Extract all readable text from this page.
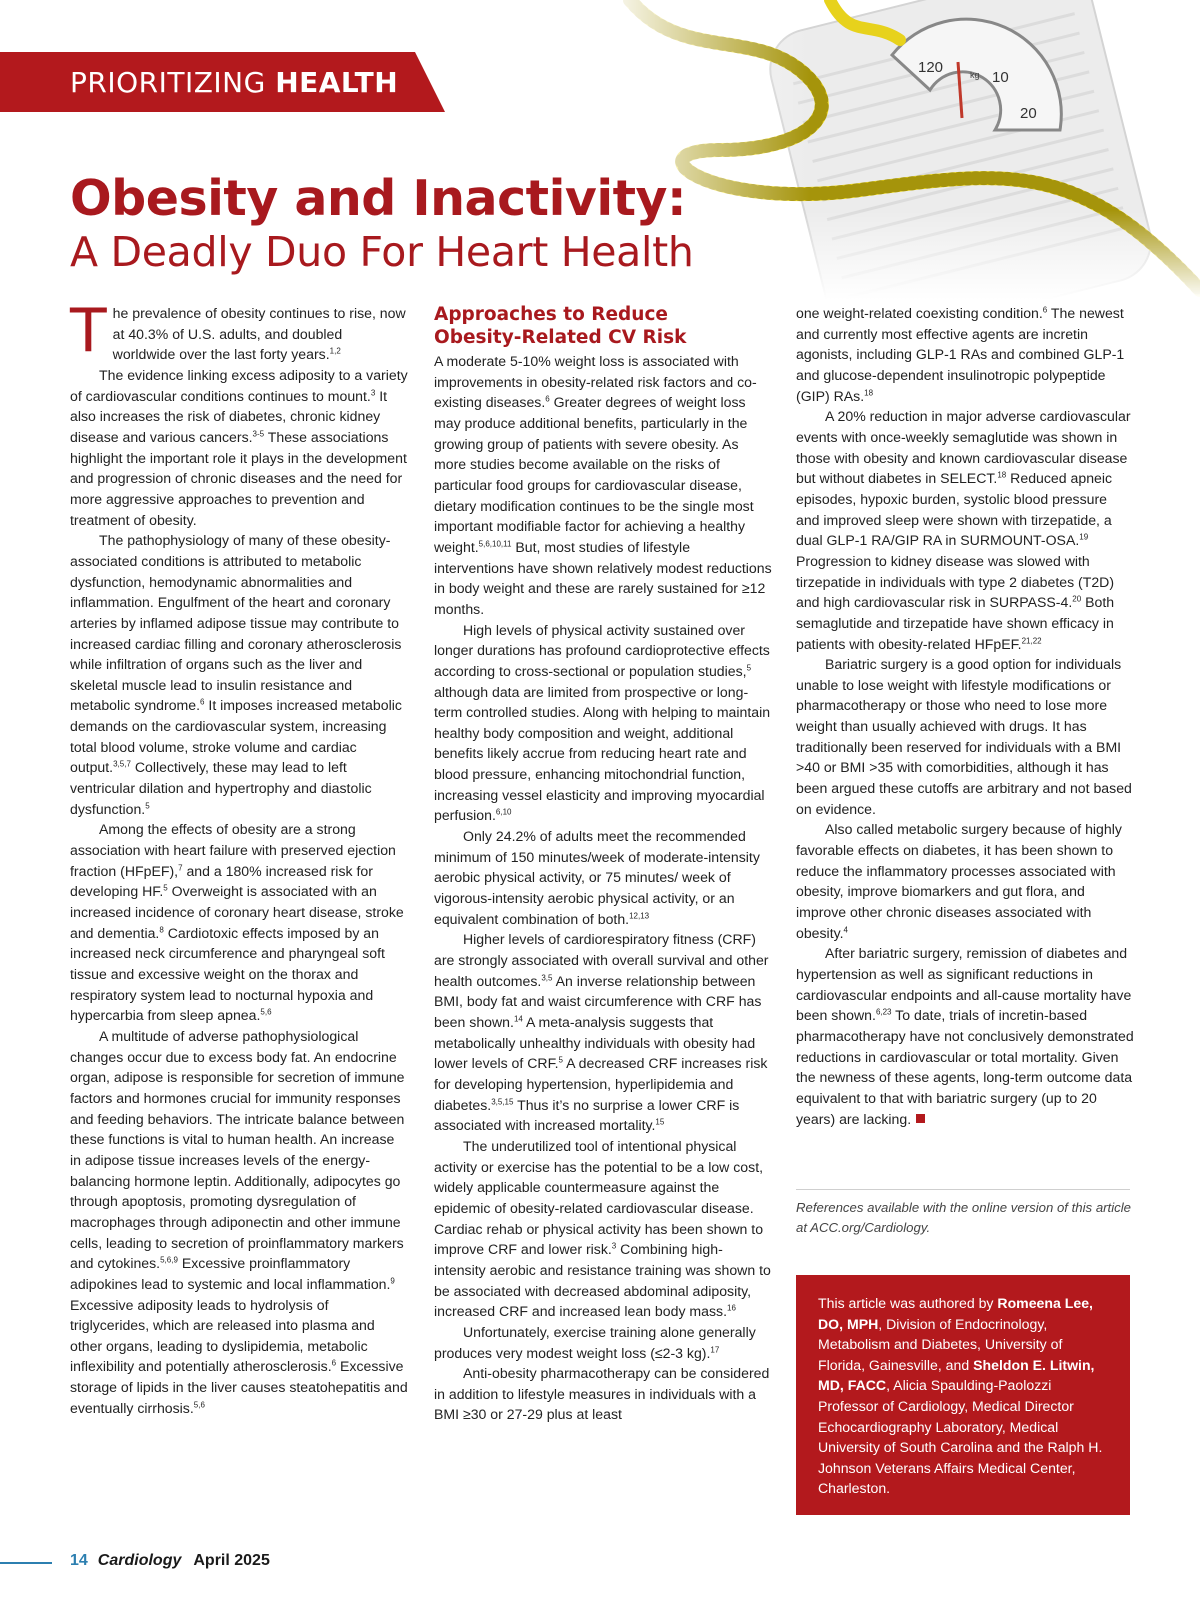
PRIORITIZING HEALTH
Obesity and Inactivity:
A Deadly Duo For Heart Health

The prevalence of obesity continues to rise, now at 40.3% of U.S. adults, and doubled worldwide over the last forty years.$^{1,2}$

The evidence linking excess adiposity to a variety of cardiovascular conditions continues to mount.$^3$ It also increases the risk of diabetes, chronic kidney disease and various cancers.$^{3-5}$ These associations highlight the important role it plays in the development and progression of chronic diseases and the need for more aggressive approaches to prevention and treatment of obesity.

The pathophysiology of many of these obesity-associated conditions is attributed to metabolic dysfunction, hemodynamic abnormalities and inflammation. Engulfment of the heart and coronary arteries by inflamed adipose tissue may contribute to increased cardiac filling and coronary atherosclerosis while infiltration of organs such as the liver and skeletal muscle lead to insulin resistance and metabolic syndrome.$^6$ It imposes increased metabolic demands on the cardiovascular system, increasing total blood volume, stroke volume and cardiac output.$^{3,5,7}$ Collectively, these may lead to left ventricular dilation and hypertrophy and diastolic dysfunction.$^5$

Among the effects of obesity are a strong association with heart failure with preserved ejection fraction (HFpEF),$^7$ and a 180% increased risk for developing HF.$^5$ Overweight is associated with an increased incidence of coronary heart disease, stroke and dementia.$^8$ Cardiotoxic effects imposed by an increased neck circumference and pharyngeal soft tissue and excessive weight on the thorax and respiratory system lead to nocturnal hypoxia and hypercarbia from sleep apnea.$^{5,6}$

A multitude of adverse pathophysiological changes occur due to excess body fat. An endocrine organ, adipose is responsible for secretion of immune factors and hormones crucial for immunity responses and feeding behaviors. The intricate balance between these functions is vital to human health. An increase in adipose tissue increases levels of the energy-balancing hormone leptin. Additionally, adipocytes go through apoptosis, promoting dysregulation of macrophages through adiponectin and other immune cells, leading to secretion of proinflammatory markers and cytokines.$^{5,6,9}$ Excessive proinflammatory adipokines lead to systemic and local inflammation.$^9$ Excessive adiposity leads to hydrolysis of triglycerides, which are released into plasma and other organs, leading to dyslipidemia, metabolic inflexibility and potentially atherosclerosis.$^6$ Excessive storage of lipids in the liver causes steatohepatitis and eventually cirrhosis.$^{5,6}$

Approaches to Reduce
Obesity-Related CV Risk

A moderate 5-10% weight loss is associated with improvements in obesity-related risk factors and co-existing diseases.$^6$ Greater degrees of weight loss may produce additional benefits, particularly in the growing group of patients with severe obesity. As more studies become available on the risks of particular food groups for cardiovascular disease, dietary modification continues to be the single most important modifiable factor for achieving a healthy weight.$^{5,6,10,11}$ But, most studies of lifestyle interventions have shown relatively modest reductions in body weight and these are rarely sustained for ≥12 months.

High levels of physical activity sustained over longer durations has profound cardioprotective effects according to cross-sectional or population studies,$^5$ although data are limited from prospective or long-term controlled studies. Along with helping to maintain healthy body composition and weight, additional benefits likely accrue from reducing heart rate and blood pressure, enhancing mitochondrial function, increasing vessel elasticity and improving myocardial perfusion.$^{6,10}$

Only 24.2% of adults meet the recommended minimum of 150 minutes/week of moderate-intensity aerobic physical activity, or 75 minutes/ week of vigorous-intensity aerobic physical activity, or an equivalent combination of both.$^{12,13}$

Higher levels of cardiorespiratory fitness (CRF) are strongly associated with overall survival and other health outcomes.$^{3,5}$ An inverse relationship between BMI, body fat and waist circumference with CRF has been shown.$^{14}$ A meta-analysis suggests that metabolically unhealthy individuals with obesity had lower levels of CRF.$^5$ A decreased CRF increases risk for developing hypertension, hyperlipidemia and diabetes.$^{3,5,15}$ Thus it’s no surprise a lower CRF is associated with increased mortality.$^{15}$

The underutilized tool of intentional physical activity or exercise has the potential to be a low cost, widely applicable countermeasure against the epidemic of obesity-related cardiovascular disease. Cardiac rehab or physical activity has been shown to improve CRF and lower risk.$^3$ Combining high-intensity aerobic and resistance training was shown to be associated with decreased abdominal adiposity, increased CRF and increased lean body mass.$^{16}$

Unfortunately, exercise training alone generally produces very modest weight loss (≤2-3 kg).$^{17}$

Anti-obesity pharmacotherapy can be considered in addition to lifestyle measures in individuals with a BMI ≥30 or 27-29 plus at least

one weight-related coexisting condition.$^6$ The newest and currently most effective agents are incretin agonists, including GLP-1 RAs and combined GLP-1 and glucose-dependent insulinotropic polypeptide (GIP) RAs.$^{18}$

A 20% reduction in major adverse cardiovascular events with once-weekly semaglutide was shown in those with obesity and known cardiovascular disease but without diabetes in SELECT.$^{18}$ Reduced apneic episodes, hypoxic burden, systolic blood pressure and improved sleep were shown with tirzepatide, a dual GLP-1 RA/GIP RA in SURMOUNT-OSA.$^{19}$ Progression to kidney disease was slowed with tirzepatide in individuals with type 2 diabetes (T2D) and high cardiovascular risk in SURPASS-4.20 Both semaglutide and tirzepatide have shown efficacy in patients with obesity-related HFpEF.$^{21,22}$

Bariatric surgery is a good option for individuals unable to lose weight with lifestyle modifications or pharmacotherapy or those who need to lose more weight than usually achieved with drugs. It has traditionally been reserved for individuals with a BMI >40 or BMI >35 with comorbidities, although it has been argued these cutoffs are arbitrary and not based on evidence.

Also called metabolic surgery because of highly favorable effects on diabetes, it has been shown to reduce the inflammatory processes associated with obesity, improve biomarkers and gut flora, and improve other chronic diseases associated with obesity.$^4$

After bariatric surgery, remission of diabetes and hypertension as well as significant reductions in cardiovascular endpoints and all-cause mortality have been shown.$^{6,23}$ To date, trials of incretin-based pharmacotherapy have not conclusively demonstrated reductions in cardiovascular or total mortality. Given the newness of these agents, long-term outcome data equivalent to that with bariatric surgery (up to 20 years) are lacking.

References available with the online version of this article at ACC.org/Cardiology.
This article was authored by Romeena Lee, DO, MPH, Division of Endocrinology, Metabolism and Diabetes, University of Florida, Gainesville, and Sheldon E. Litwin, MD, FACC, Alicia Spaulding-Paolozzi Professor of Cardiology, Medical Director Echocardiography Laboratory, Medical University of South Carolina and the Ralph H. Johnson Veterans Affairs Medical Center, Charleston.
14 Cardiology April 2025
